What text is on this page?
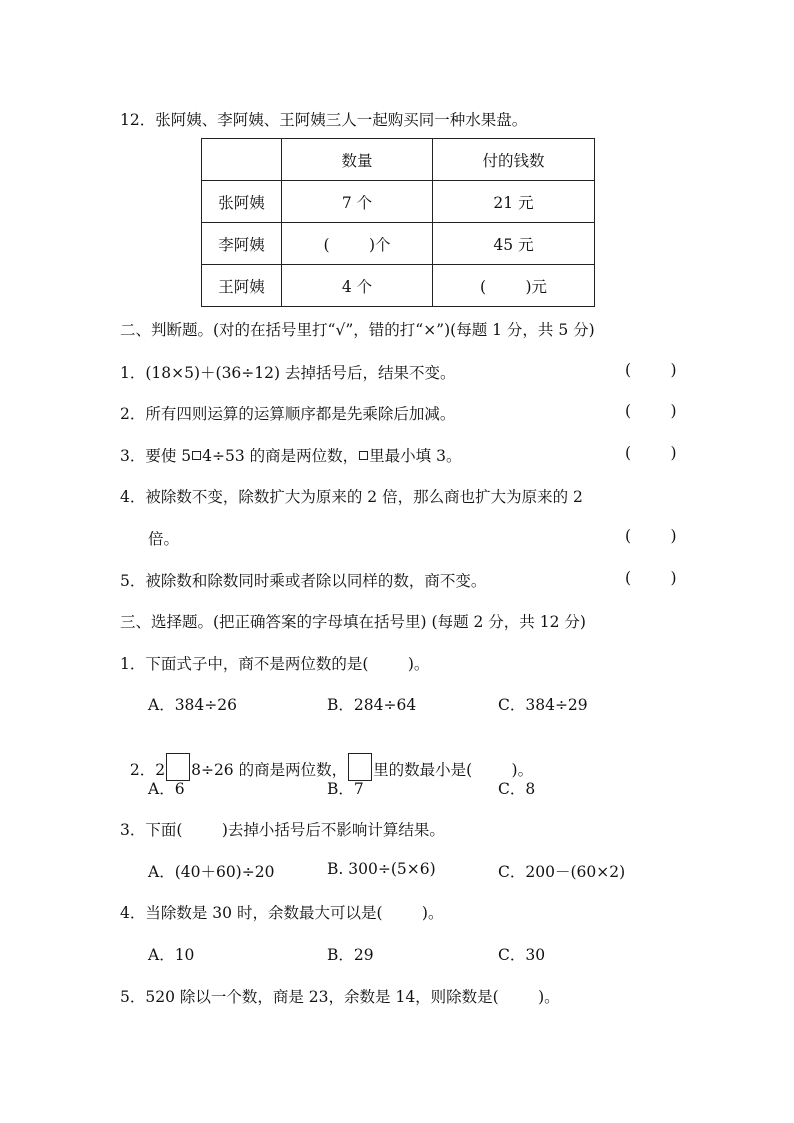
12．张阿姨、李阿姨、王阿姨三人一起购买同一种水果盘。
	数量	付的钱数
张阿姨	7 个	21 元
李阿姨	(        )个	45 元
王阿姨	4 个	(        )元
二、判断题。(对的在括号里打“√”，错的打“×”)(每题 1 分，共 5 分)
1．(18×5)＋(36÷12) 去掉括号后，结果不变。	(        )
2．所有四则运算的运算顺序都是先乘除后加减。	(        )
3．要使 5 4÷53 的商是两位数， 里最小填 3。	(        )
4．被除数不变，除数扩大为原来的 2 倍，那么商也扩大为原来的 2
倍。	(        )
5．被除数和除数同时乘或者除以同样的数，商不变。	(        )
三、选择题。(把正确答案的字母填在括号里) (每题 2 分，共 12 分)
1．下面式子中，商不是两位数的是(        )。
A．384÷26	B．284÷64	C．384÷29

2．2 8÷26 的商是两位数， 里的数最小是(        )。

A．6	B．7	C．8
3．下面(        )去掉小括号后不影响计算结果。
A．(40＋60)÷20	B. 300÷(5×6)	C．200－(60×2)
4．当除数是 30 时，余数最大可以是(        )。
A．10	B．29	C．30
5．520 除以一个数，商是 23，余数是 14，则除数是(        )。
